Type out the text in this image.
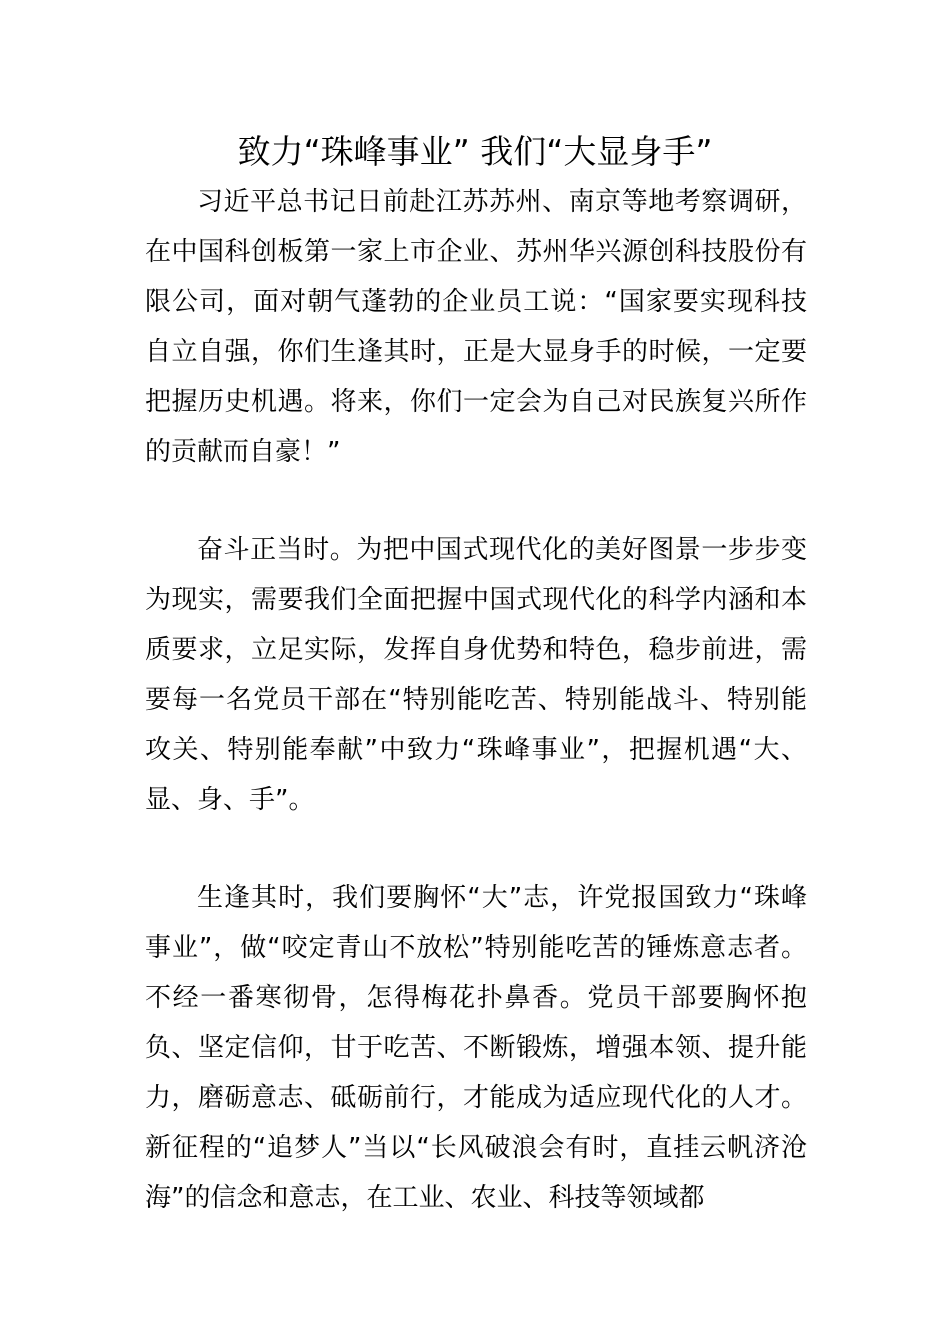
致力“珠峰事业” 我们“大显身手”

习近平总书记日前赴江苏苏州、南京等地考察调研，在中国科创板第一家上市企业、苏州华兴源创科技股份有限公司，面对朝气蓬勃的企业员工说：“国家要实现科技自立自强，你们生逢其时，正是大显身手的时候，一定要把握历史机遇。将来，你们一定会为自己对民族复兴所作的贡献而自豪！”

奋斗正当时。为把中国式现代化的美好图景一步步变为现实，需要我们全面把握中国式现代化的科学内涵和本质要求，立足实际，发挥自身优势和特色，稳步前进，需要每一名党员干部在“特别能吃苦、特别能战斗、特别能攻关、特别能奉献”中致力“珠峰事业”，把握机遇“大、显、身、手”。

生逢其时，我们要胸怀“大”志，许党报国致力“珠峰事业”，做“咬定青山不放松”特别能吃苦的锤炼意志者。不经一番寒彻骨，怎得梅花扑鼻香。党员干部要胸怀抱负、坚定信仰，甘于吃苦、不断锻炼，增强本领、提升能力，磨砺意志、砥砺前行，才能成为适应现代化的人才。新征程的“追梦人”当以“长风破浪会有时，直挂云帆济沧海”的信念和意志，在工业、农业、科技等领域都
